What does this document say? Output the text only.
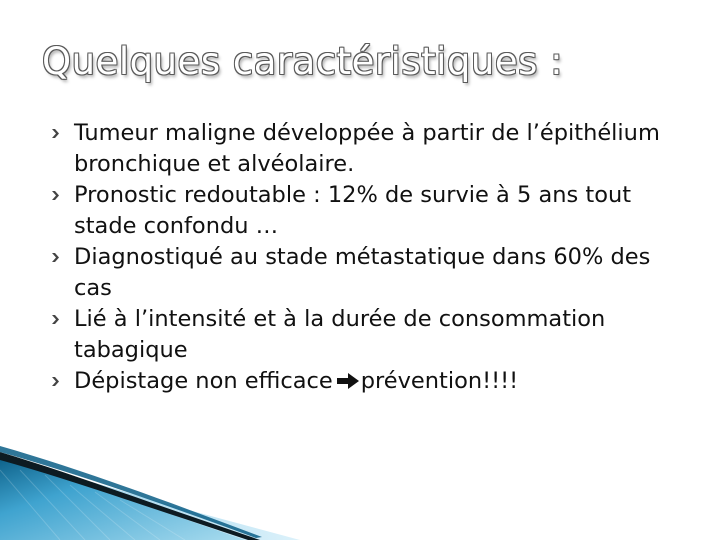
Quelques caractéristiques :
Tumeur maligne développée à partir de l’épithélium bronchique et alvéolaire.
Pronostic redoutable : 12% de survie à 5 ans tout stade confondu …
Diagnostiqué au stade métastatique dans 60% des cas
Lié à l’intensité et à la durée de consommation tabagique
Dépistage non efficace prévention!!!!
